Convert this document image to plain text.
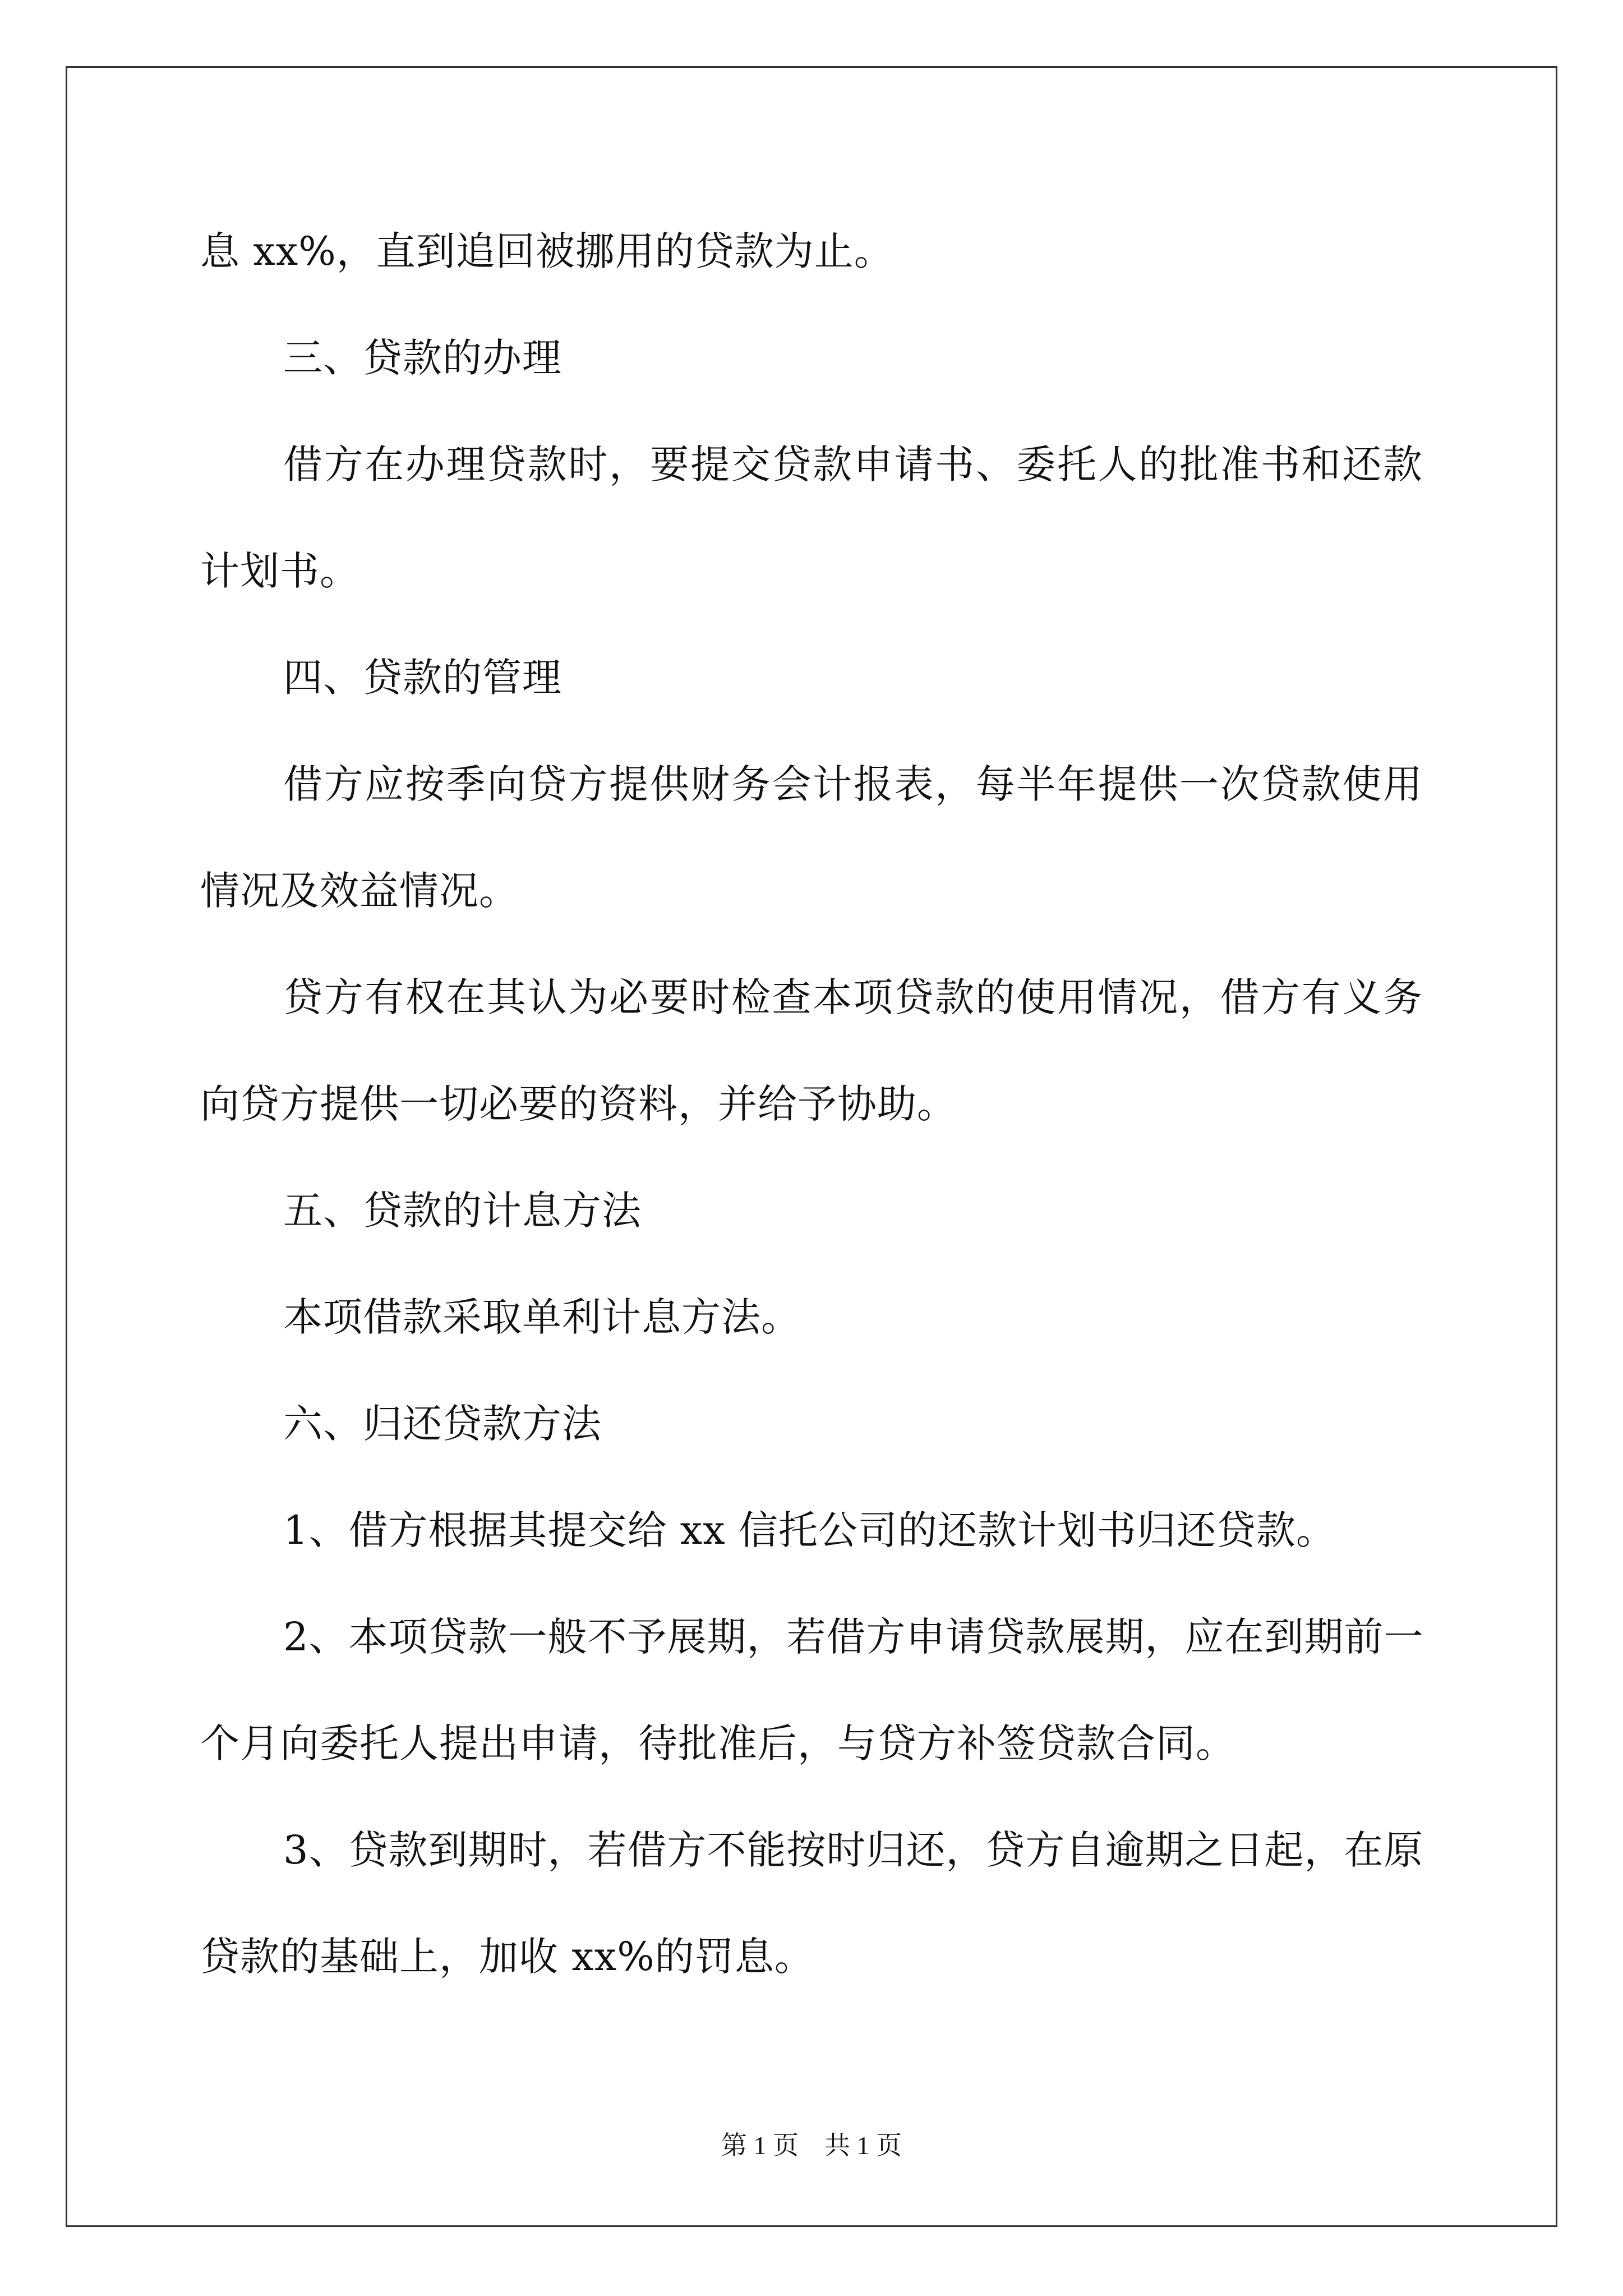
息 xx%，直到追回被挪用的贷款为止。
三、贷款的办理
借方在办理贷款时，要提交贷款申请书、委托人的批准书和还款
计划书。
四、贷款的管理
借方应按季向贷方提供财务会计报表，每半年提供一次贷款使用
情况及效益情况。
贷方有权在其认为必要时检查本项贷款的使用情况，借方有义务
向贷方提供一切必要的资料，并给予协助。
五、贷款的计息方法
本项借款采取单利计息方法。
六、归还贷款方法
1、借方根据其提交给 xx 信托公司的还款计划书归还贷款。
2、本项贷款一般不予展期，若借方申请贷款展期，应在到期前一
个月向委托人提出申请，待批准后，与贷方补签贷款合同。
3、贷款到期时，若借方不能按时归还，贷方自逾期之日起，在原
贷款的基础上，加收 xx%的罚息。
第 1 页　共 1 页
